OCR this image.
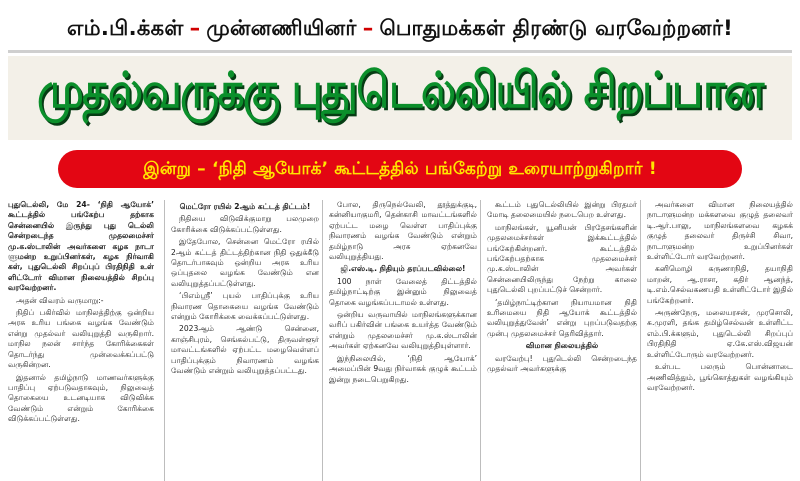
எம்.பி.க்கள் – முன்னணியினர் – பொதுமக்கள் திரண்டு வரவேற்றனர்!
முதல்வருக்கு புதுடெல்லியில் சிறப்பான
இன்று – ‘நிதி ஆயோக்’ கூட்டத்தில் பங்கேற்று உரையாற்றுகிறார் !

புதுடெல்லி, மே 24- ‘நிதி ஆயோக்’ கூட்டத்தில் பங்கேற்ப தற்காக சென்னையில் இருந்து புது டெல்லி சென்றடைந்த முதலமைச்சர் மு.க.ஸ்டாலின் அவர்களை கழக நாடா ளுமன்ற உறுப்பினர்கள், கழக நிர்வாகி கள், புதுடெல்லி சிறப்புப் பிரதிநிதி உள் ளிட்டோர் விமான நிலையத்தில் சிறப்பு வரவேற்றனர்.

அதன் விவரம் வருமாறு:-

நிதிப் பகிர்வில் மாநிலத்திற்கு ஒன்றிய அரசு உரிய பங்கை வழங்க வேண்டும் என்று முதல்வர் வலியுறுத்தி வருகிறார். மாநில நலன் சார்ந்த கோரிக்கைகள் தொடர்ந்து முன்வைக்கப்பட்டு வருகின்றன.

இதனால் தமிழ்நாடு மாணவர்களுக்கு பாதிப்பு ஏற்படுவதாகவும், நிலுவைத் தொகையை உடனடியாக விடுவிக்க வேண்டும் என்றும் கோரிக்கை விடுக்கப்பட்டுள்ளது.

மெட்ரோ ரயில் 2ஆம் கட்டத் திட்டம்!

நிதியை விடுவிக்குமாறு பலமுறை கோரிக்கை விடுக்கப்பட்டுள்ளது.

இதேபோல, சென்னை மெட்ரோ ரயில் 2ஆம் கட்டத் திட்டத்திற்கான நிதி ஒதுக்கீடு தொடர்பாகவும் ஒன்றிய அரசு உரிய ஒப்புதலை வழங்க வேண்டும் என வலியுறுத்தப்பட்டுள்ளது.

‘பிஎம்ஸ்ரீ’ புயல் பாதிப்புக்கு உரிய நிவாரண தொகையை வழங்க வேண்டும் என்றும் கோரிக்கை வைக்கப்பட்டுள்ளது.

2023ஆம் ஆண்டு சென்னை, காஞ்சிபுரம், செங்கல்பட்டு, திருவள்ளூர் மாவட்டங்களில் ஏற்பட்ட மழைவெள்ளப் பாதிப்புக்கும் நிவாரணம் வழங்க வேண்டும் என்றும் வலியுறுத்தப்பட்டது.

போல, திருநெல்வேலி, தூத்துக்குடி, கன்னியாகுமரி, தென்காசி மாவட்டங்களில் ஏற்பட்ட மழை வெள்ள பாதிப்புக்கு நிவாரணம் வழங்க வேண்டும் என்றும் தமிழ்நாடு அரசு ஏற்கனவே வலியுறுத்தியது.

ஜி.எஸ்.டி. நிதியும் தரப்படவில்லை!

100 நாள் வேலைத் திட்டத்தில் தமிழ்நாட்டிற்கு இன்னும் நிலுவைத் தொகை வழங்கப்படாமல் உள்ளது.

ஒன்றிய வருவாயில் மாநிலங்களுக்கான வரிப் பகிர்வின் பங்கை உயர்த்த வேண்டும் என்றும் முதலமைச்சர் மு.க.ஸ்டாலின் அவர்கள் ஏற்கனவே வலியுறுத்தியுள்ளார்.

இந்நிலையில், ‘நிதி ஆயோக்’ அமைப்பின் 9வது நிர்வாகக் குழுக் கூட்டம் இன்று நடைபெறுகிறது.

கூட்டம் புதுடெல்லியில் இன்று பிரதமர் மோடி தலைமையில் நடைபெற உள்ளது.

மாநிலங்கள், யூனியன் பிரதேசங்களின் முதலமைச்சர்கள் இக்கூட்டத்தில் பங்கேற்கின்றனர். கூட்டத்தில் பங்கேற்பதற்காக முதலமைச்சர் மு.க.ஸ்டாலின் அவர்கள் சென்னையிலிருந்து நேற்று காலை புதுடெல்லி புறப்பட்டுச் சென்றார்.

‘தமிழ்நாட்டிற்கான நியாயமான நிதி உரிமையை நிதி ஆயோக் கூட்டத்தில் வலியுறுத்துவேன்’ என்று புறப்படுவதற்கு முன்பு முதலமைச்சர் தெரிவித்தார்.

விமான நிலையத்தில்

வரவேற்பு! புதுடெல்லி சென்றடைந்த முதல்வர் அவர்களுக்கு

அவர்களை விமான நிலையத்தில் நாடாளுமன்ற மக்களவை குழுத் தலைவர் டி.ஆர்.பாலு, மாநிலங்களவை கழகக் குழுத் தலைவர் திருச்சி சிவா, நாடாளுமன்ற உறுப்பினர்கள் உள்ளிட்டோர் வரவேற்றனர்.

கனிமொழி கருணாநிதி, தயாநிதி மாறன், ஆ.ராசா, கதிர் ஆனந்த், டி.எம்.செல்வகணபதி உள்ளிட்டோர் இதில் பங்கேற்றனர்.

அருண்நேரு, மலையரசன், முரசொலி, சு.முரளி, தங்க தமிழ்செல்வன் உள்ளிட்ட எம்.பி.க்களும், புதுடெல்லி சிறப்புப் பிரதிநிதி ஏ.கே.எஸ்.விஜயன் உள்ளிட்டோரும் வரவேற்றனர்.

உள்பட பலரும் பொன்னாடை அணிவித்தும், பூங்கொத்துகள் வழங்கியும் வரவேற்றனர்.
